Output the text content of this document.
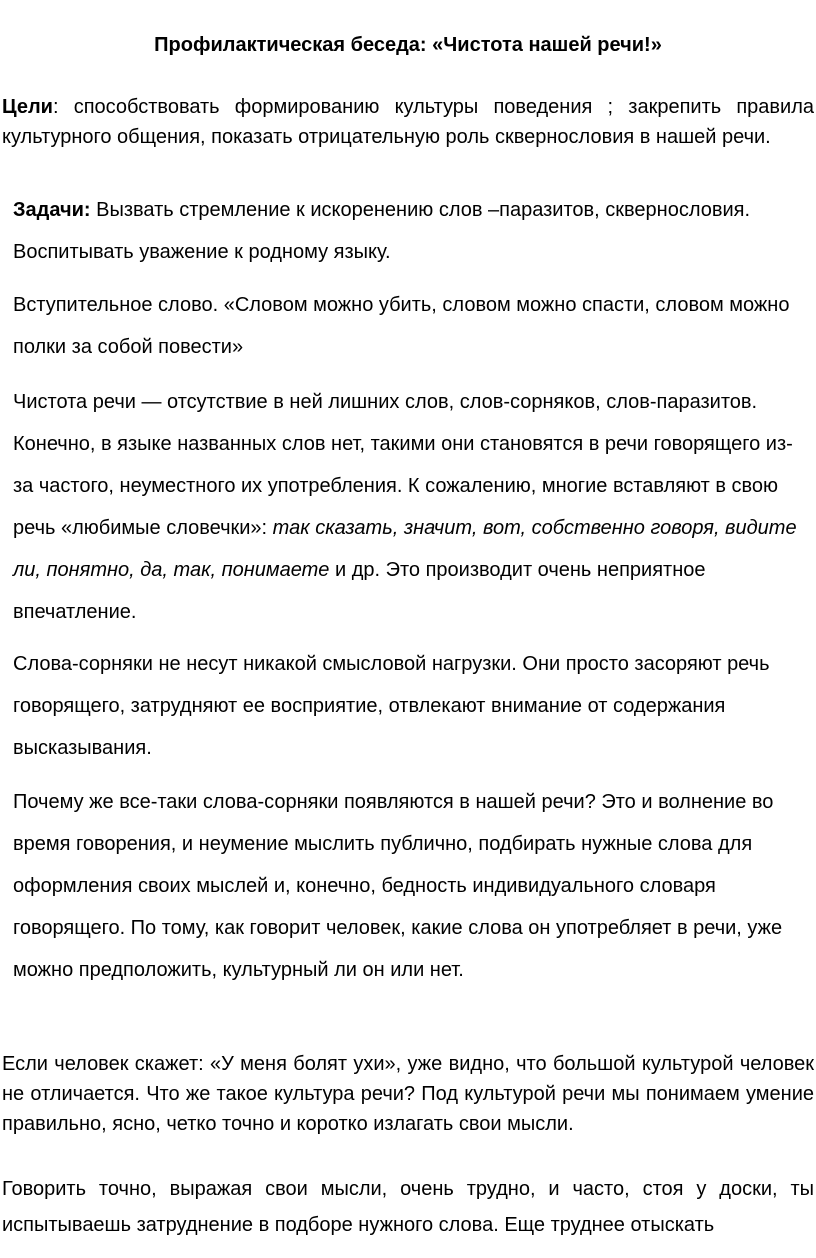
Профилактическая беседа: «Чистота нашей речи!»

Цели: способствовать формированию культуры поведения ; закрепить правила культурного общения, показать отрицательную роль сквернословия в нашей речи.

Задачи: Вызвать стремление к искоренению слов –паразитов, сквернословия. Воспитывать уважение к родному языку.

Вступительное слово. «Словом можно убить, словом можно спасти, словом можно полки за собой повести»

Чистота речи — отсутствие в ней лишних слов, слов-сорняков, слов-паразитов. Конечно, в языке названных слов нет, такими они становятся в речи говорящего из-за частого, неуместного их употребления. К сожалению, многие вставляют в свою речь «любимые словечки»: так сказать, значит, вот, собственно говоря, видите ли, понятно, да, так, понимаете и др. Это производит очень неприятное впечатление.

Слова-сорняки не несут никакой смысловой нагрузки. Они просто засоряют речь говорящего, затрудняют ее восприятие, отвлекают внимание от содержания высказывания.

Почему же все-таки слова-сорняки появляются в нашей речи? Это и волнение во время говорения, и неумение мыслить публично, подбирать нужные слова для оформления своих мыслей и, конечно, бедность индивидуального словаря говорящего. По тому, как говорит человек, какие слова он употребляет в речи, уже можно предположить, культурный ли он или нет.

Если человек скажет: «У меня болят ухи», уже видно, что большой культурой человек не отличается. Что же такое культура речи? Под культурой речи мы понимаем умение правильно, ясно, четко точно и коротко излагать свои мысли.

Говорить точно, выражая свои мысли, очень трудно, и часто, стоя у доски, ты испытываешь затруднение в подборе нужного слова. Еще труднее отыскать
